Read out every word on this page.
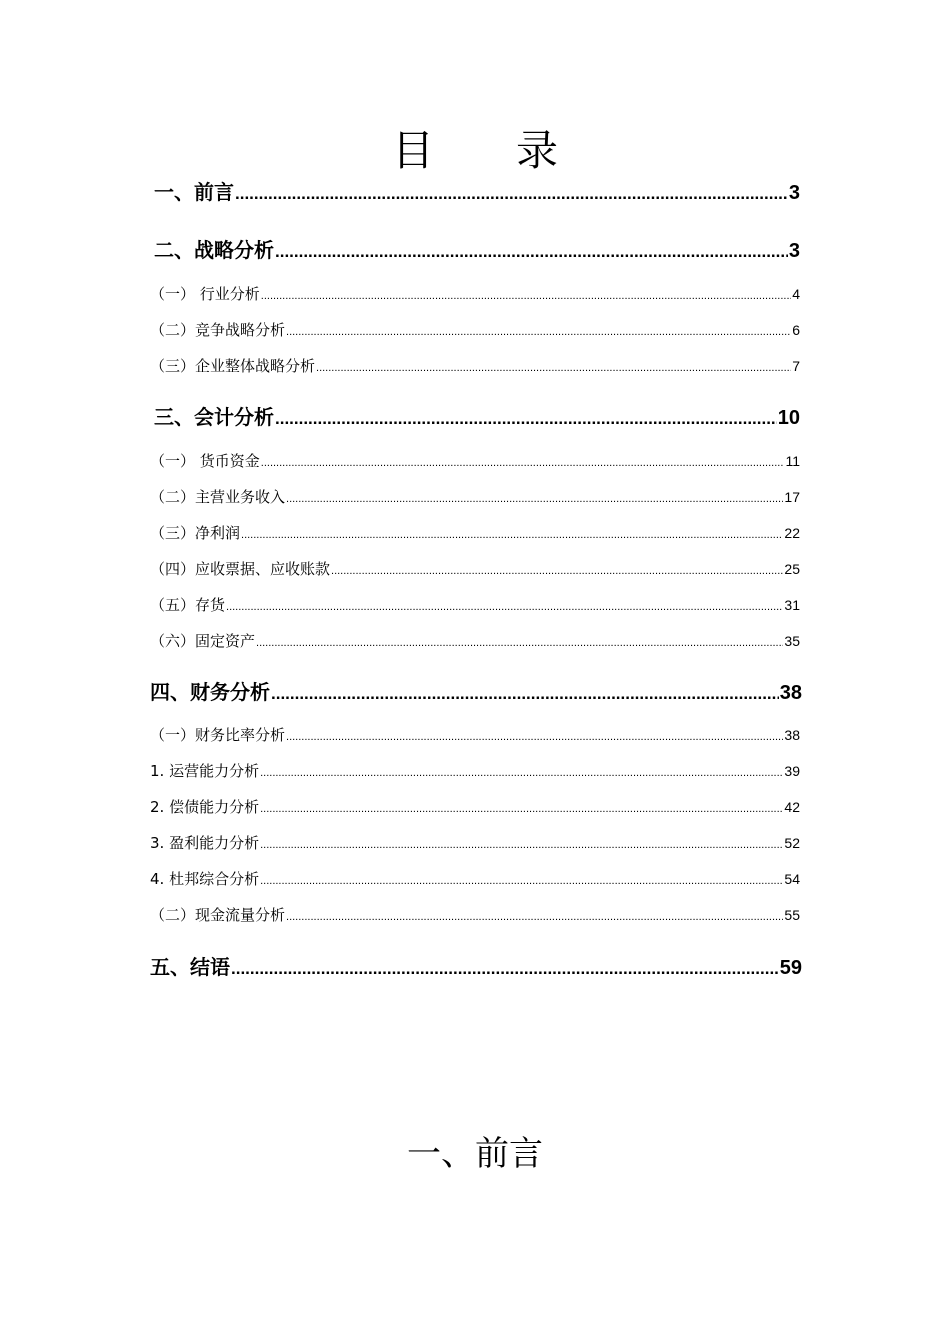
目 录
一、前言 .....	3
二、战略分析 .....	3
（一） 行业分析 .....	4
（二）竞争战略分析 .....	6
（三）企业整体战略分析 .....	7
三、会计分析 .....	10
（一） 货币资金 .....	11
（二）主营业务收入 .....	17
（三）净利润 .....	22
（四）应收票据、应收账款 .....	25
（五）存货 .....	31
（六）固定资产 .....	35
四、财务分析 .....	38
（一）财务比率分析 .....	38
1. 运营能力分析 .....	39
2. 偿债能力分析 .....	42
3. 盈利能力分析 .....	52
4. 杜邦综合分析 .....	54
（二）现金流量分析 .....	55
五、结语 .....	59
一、前言
